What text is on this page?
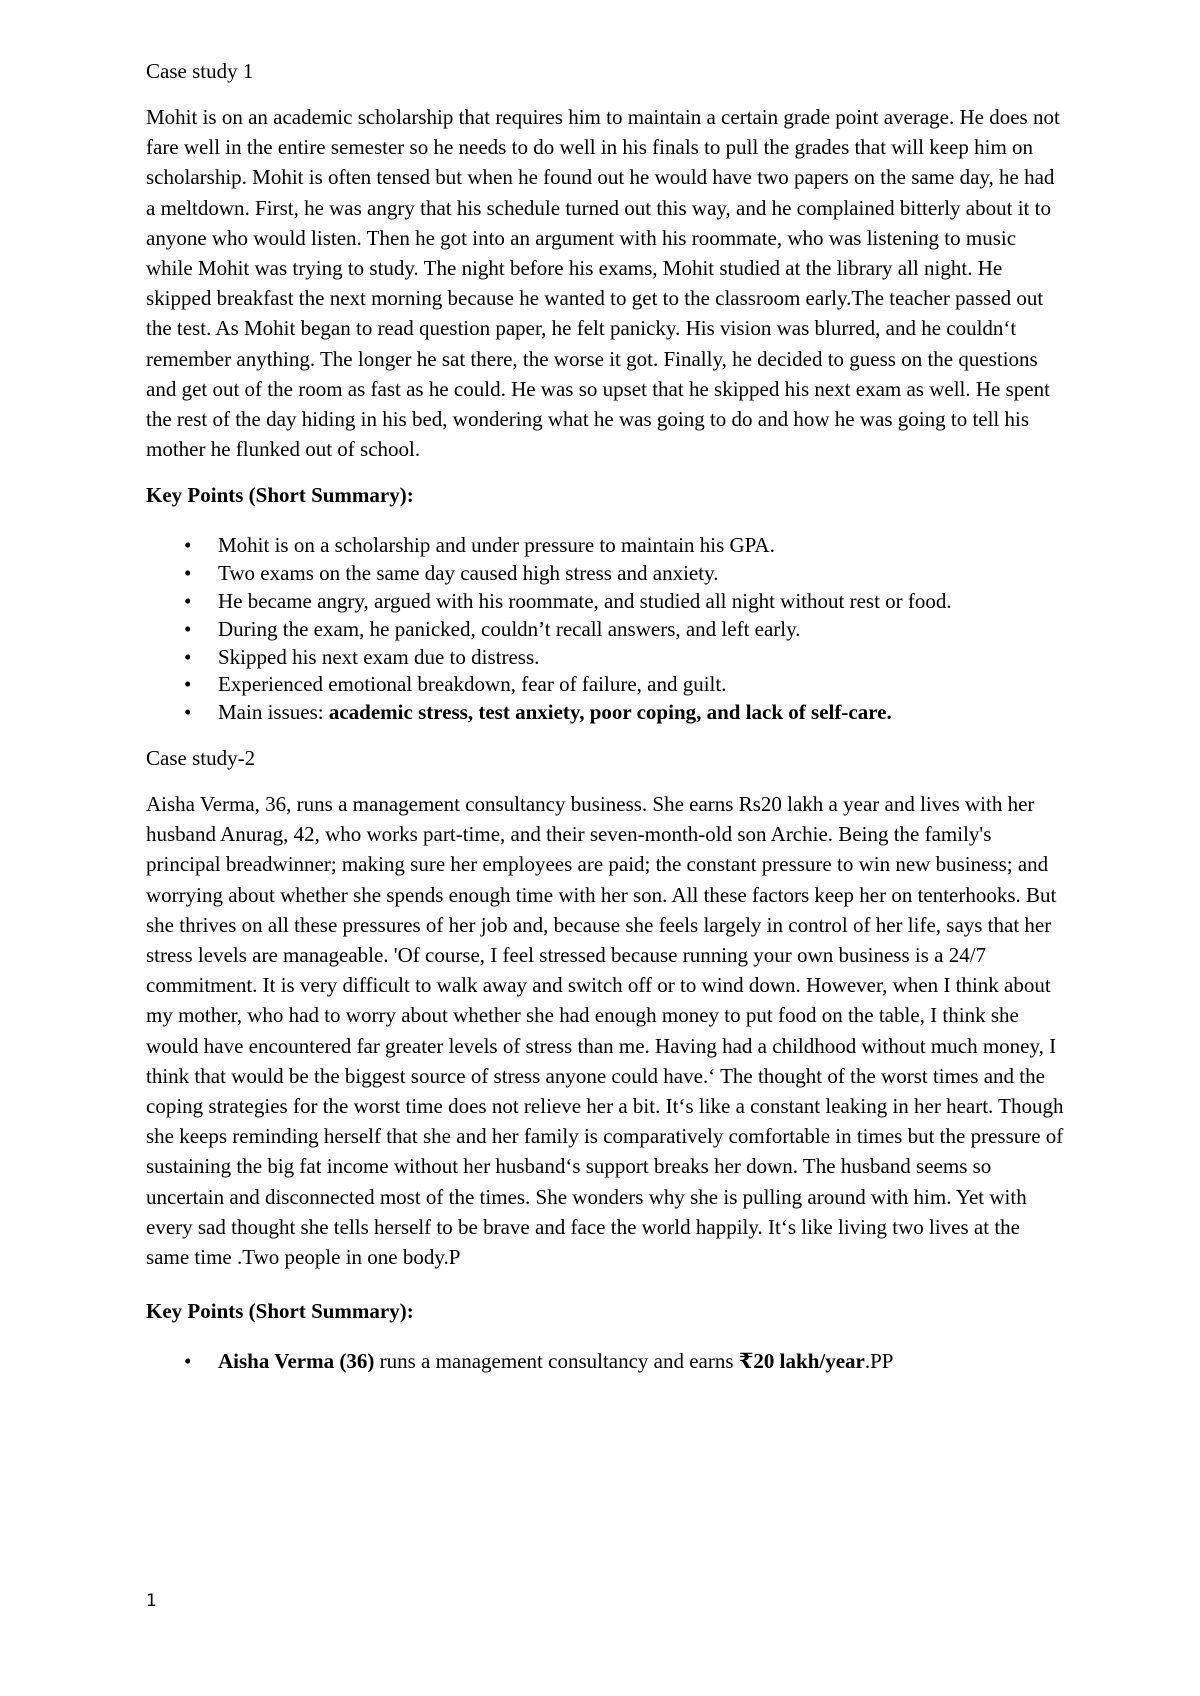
Case study 1

Mohit is on an academic scholarship that requires him to maintain a certain grade point average. He does not fare well in the entire semester so he needs to do well in his finals to pull the grades that will keep him on scholarship. Mohit is often tensed but when he found out he would have two papers on the same day, he had a meltdown. First, he was angry that his schedule turned out this way, and he complained bitterly about it to anyone who would listen. Then he got into an argument with his roommate, who was listening to music while Mohit was trying to study. The night before his exams, Mohit studied at the library all night. He skipped breakfast the next morning because he wanted to get to the classroom early.The teacher passed out the test. As Mohit began to read question paper, he felt panicky. His vision was blurred, and he couldn‘t remember anything. The longer he sat there, the worse it got. Finally, he decided to guess on the questions and get out of the room as fast as he could. He was so upset that he skipped his next exam as well. He spent the rest of the day hiding in his bed, wondering what he was going to do and how he was going to tell his mother he flunked out of school.

Key Points (Short Summary):

• Mohit is on a scholarship and under pressure to maintain his GPA.
• Two exams on the same day caused high stress and anxiety.
• He became angry, argued with his roommate, and studied all night without rest or food.
• During the exam, he panicked, couldn’t recall answers, and left early.
• Skipped his next exam due to distress.
• Experienced emotional breakdown, fear of failure, and guilt.
• Main issues: academic stress, test anxiety, poor coping, and lack of self-care.

Case study-2

Aisha Verma, 36, runs a management consultancy business. She earns Rs20 lakh a year and lives with her husband Anurag, 42, who works part-time, and their seven-month-old son Archie. Being the family's principal breadwinner; making sure her employees are paid; the constant pressure to win new business; and worrying about whether she spends enough time with her son. All these factors keep her on tenterhooks. But she thrives on all these pressures of her job and, because she feels largely in control of her life, says that her stress levels are manageable. 'Of course, I feel stressed because running your own business is a 24/7 commitment. It is very difficult to walk away and switch off or to wind down. However, when I think about my mother, who had to worry about whether she had enough money to put food on the table, I think she would have encountered far greater levels of stress than me. Having had a childhood without much money, I think that would be the biggest source of stress anyone could have.‘ The thought of the worst times and the coping strategies for the worst time does not relieve her a bit. It‘s like a constant leaking in her heart. Though she keeps reminding herself that she and her family is comparatively comfortable in times but the pressure of sustaining the big fat income without her husband‘s support breaks her down. The husband seems so uncertain and disconnected most of the times. She wonders why she is pulling around with him. Yet with every sad thought she tells herself to be brave and face the world happily. It‘s like living two lives at the same time .Two people in one body.P

Key Points (Short Summary):

• Aisha Verma (36) runs a management consultancy and earns ₹20 lakh/year.PP
1
